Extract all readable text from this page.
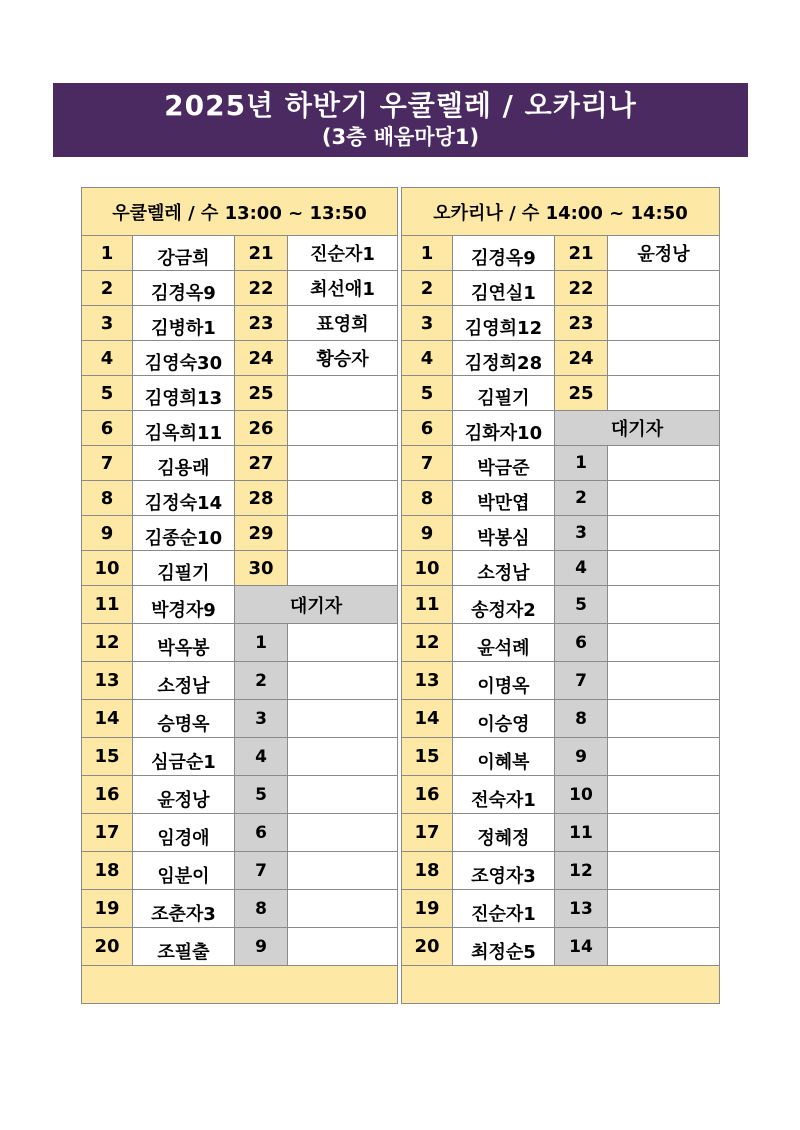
2025년 하반기 우쿨렐레 / 오카리나
(3층 배움마당1)
우쿨렐레 / 수 13:00 ~ 13:50			
1	강금희	21	진순자1
2	김경옥9	22	최선애1
3	김병하1	23	표영희
4	김영숙30	24	황승자
5	김영희13	25	
6	김옥희11	26	
7	김용래	27	
8	김정숙14	28	
9	김종순10	29	
10	김필기	30	
11	박경자9	대기자	
12	박옥봉	1	
13	소정남	2	
14	승명옥	3	
15	심금순1	4	
16	윤정낭	5	
17	임경애	6	
18	임분이	7	
19	조춘자3	8	
20	조필출	9	

오카리나 / 수 14:00 ~ 14:50			
1	김경옥9	21	윤정낭
2	김연실1	22	
3	김영희12	23	
4	김정희28	24	
5	김필기	25	
6	김화자10	대기자	
7	박금준	1	
8	박만엽	2	
9	박봉심	3	
10	소정남	4	
11	송정자2	5	
12	윤석례	6	
13	이명옥	7	
14	이승영	8	
15	이혜복	9	
16	전숙자1	10	
17	정혜정	11	
18	조영자3	12	
19	진순자1	13	
20	최정순5	14	
